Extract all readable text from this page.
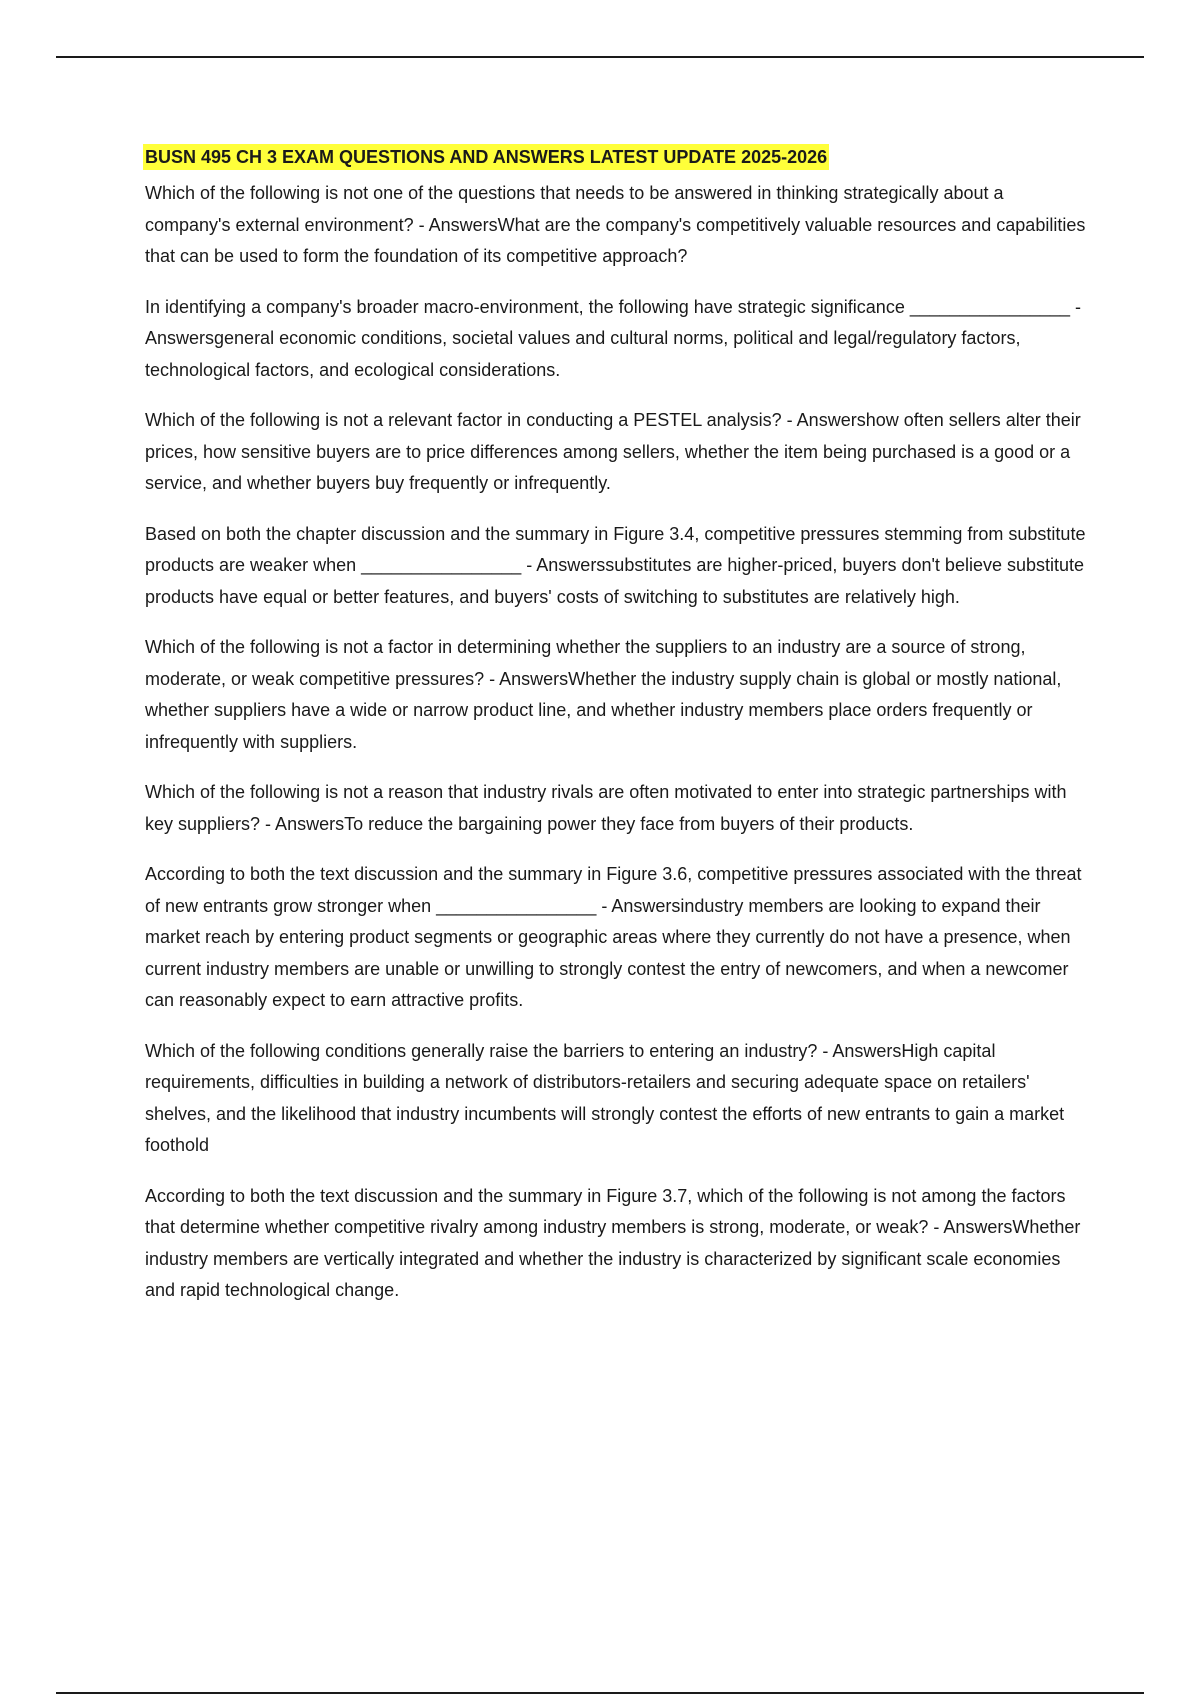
BUSN 495 CH 3 EXAM QUESTIONS AND ANSWERS LATEST UPDATE 2025-2026

Which of the following is not one of the questions that needs to be answered in thinking strategically about a company's external environment? - AnswersWhat are the company's competitively valuable resources and capabilities that can be used to form the foundation of its competitive approach?

In identifying a company's broader macro-environment, the following have strategic significance ________________ - Answersgeneral economic conditions, societal values and cultural norms, political and legal/regulatory factors, technological factors, and ecological considerations.

Which of the following is not a relevant factor in conducting a PESTEL analysis? - Answershow often sellers alter their prices, how sensitive buyers are to price differences among sellers, whether the item being purchased is a good or a service, and whether buyers buy frequently or infrequently.

Based on both the chapter discussion and the summary in Figure 3.4, competitive pressures stemming from substitute products are weaker when ________________ - Answerssubstitutes are higher-priced, buyers don't believe substitute products have equal or better features, and buyers' costs of switching to substitutes are relatively high.

Which of the following is not a factor in determining whether the suppliers to an industry are a source of strong, moderate, or weak competitive pressures? - AnswersWhether the industry supply chain is global or mostly national, whether suppliers have a wide or narrow product line, and whether industry members place orders frequently or infrequently with suppliers.

Which of the following is not a reason that industry rivals are often motivated to enter into strategic partnerships with key suppliers? - AnswersTo reduce the bargaining power they face from buyers of their products.

According to both the text discussion and the summary in Figure 3.6, competitive pressures associated with the threat of new entrants grow stronger when ________________ - Answersindustry members are looking to expand their market reach by entering product segments or geographic areas where they currently do not have a presence, when current industry members are unable or unwilling to strongly contest the entry of newcomers, and when a newcomer can reasonably expect to earn attractive profits.

Which of the following conditions generally raise the barriers to entering an industry? - AnswersHigh capital requirements, difficulties in building a network of distributors-retailers and securing adequate space on retailers' shelves, and the likelihood that industry incumbents will strongly contest the efforts of new entrants to gain a market foothold

According to both the text discussion and the summary in Figure 3.7, which of the following is not among the factors that determine whether competitive rivalry among industry members is strong, moderate, or weak? - AnswersWhether industry members are vertically integrated and whether the industry is characterized by significant scale economies and rapid technological change.
